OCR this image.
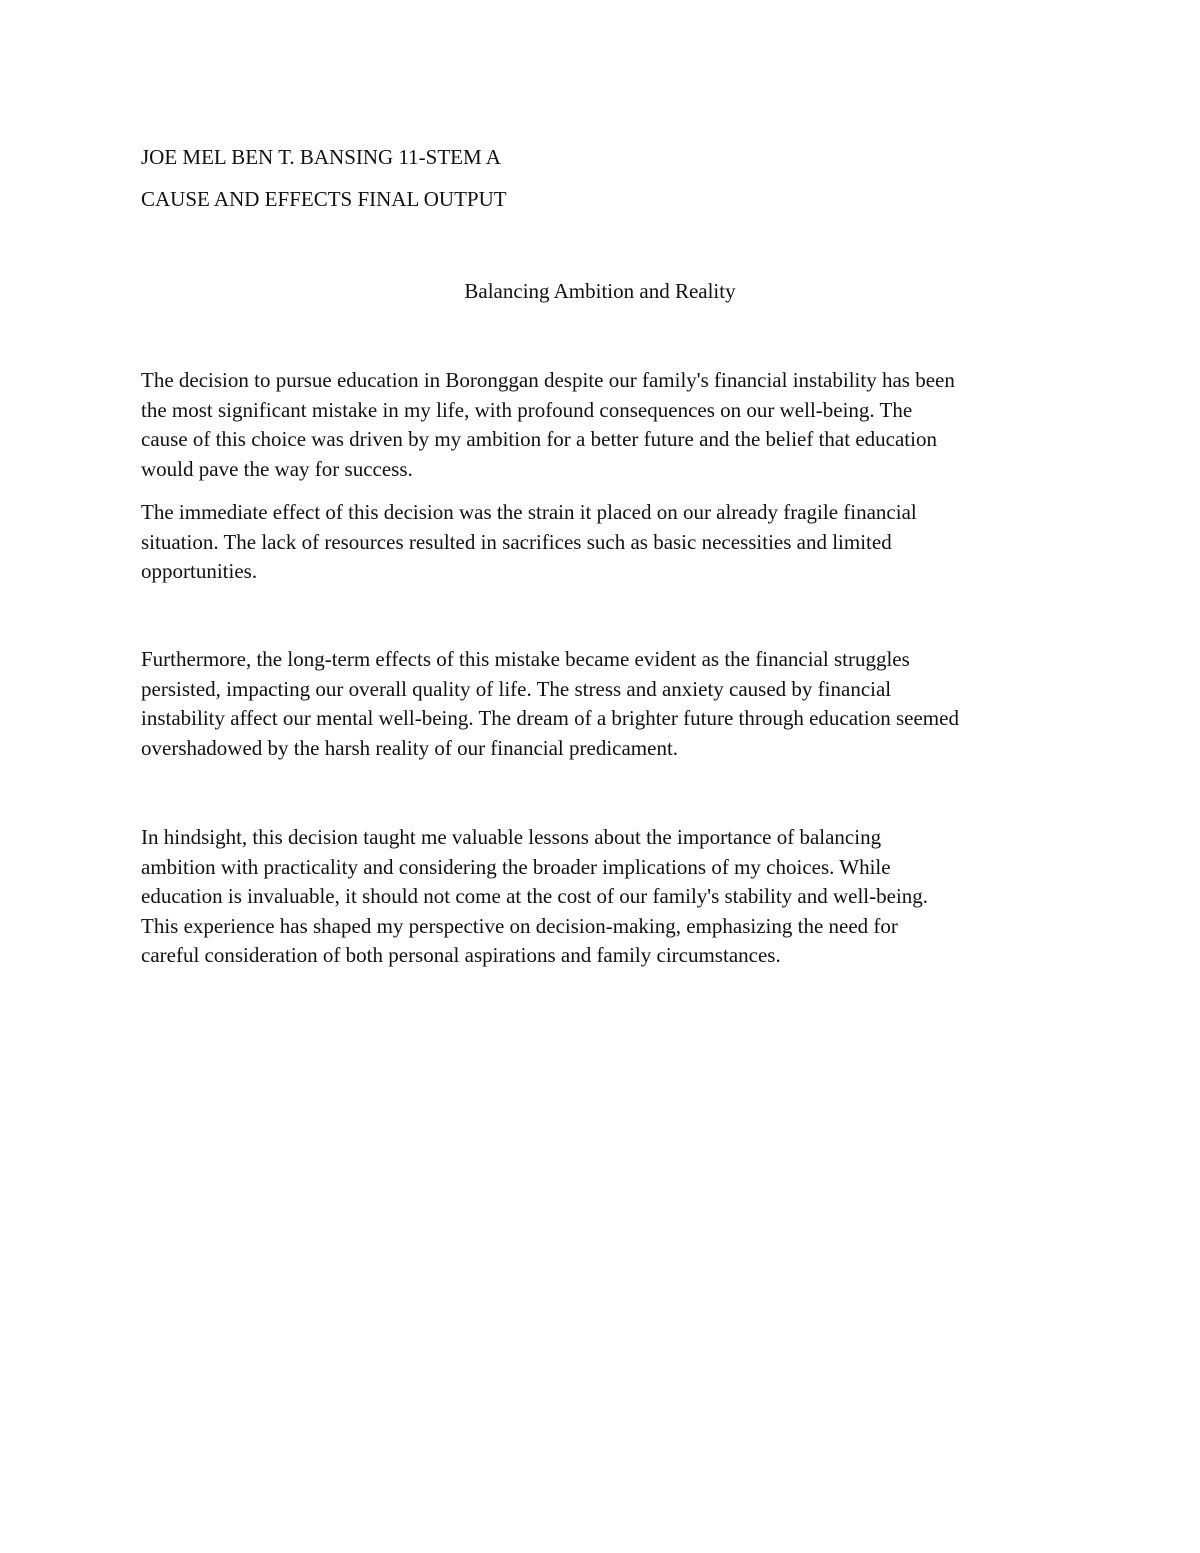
JOE MEL BEN T. BANSING 11-STEM A
CAUSE AND EFFECTS FINAL OUTPUT
Balancing Ambition and Reality
The decision to pursue education in Boronggan despite our family's financial instability has been
the most significant mistake in my life, with profound consequences on our well-being. The
cause of this choice was driven by my ambition for a better future and the belief that education
would pave the way for success.
The immediate effect of this decision was the strain it placed on our already fragile financial
situation. The lack of resources resulted in sacrifices such as basic necessities and limited
opportunities.
Furthermore, the long-term effects of this mistake became evident as the financial struggles
persisted, impacting our overall quality of life. The stress and anxiety caused by financial
instability affect our mental well-being. The dream of a brighter future through education seemed
overshadowed by the harsh reality of our financial predicament.
In hindsight, this decision taught me valuable lessons about the importance of balancing
ambition with practicality and considering the broader implications of my choices. While
education is invaluable, it should not come at the cost of our family's stability and well-being.
This experience has shaped my perspective on decision-making, emphasizing the need for
careful consideration of both personal aspirations and family circumstances.
